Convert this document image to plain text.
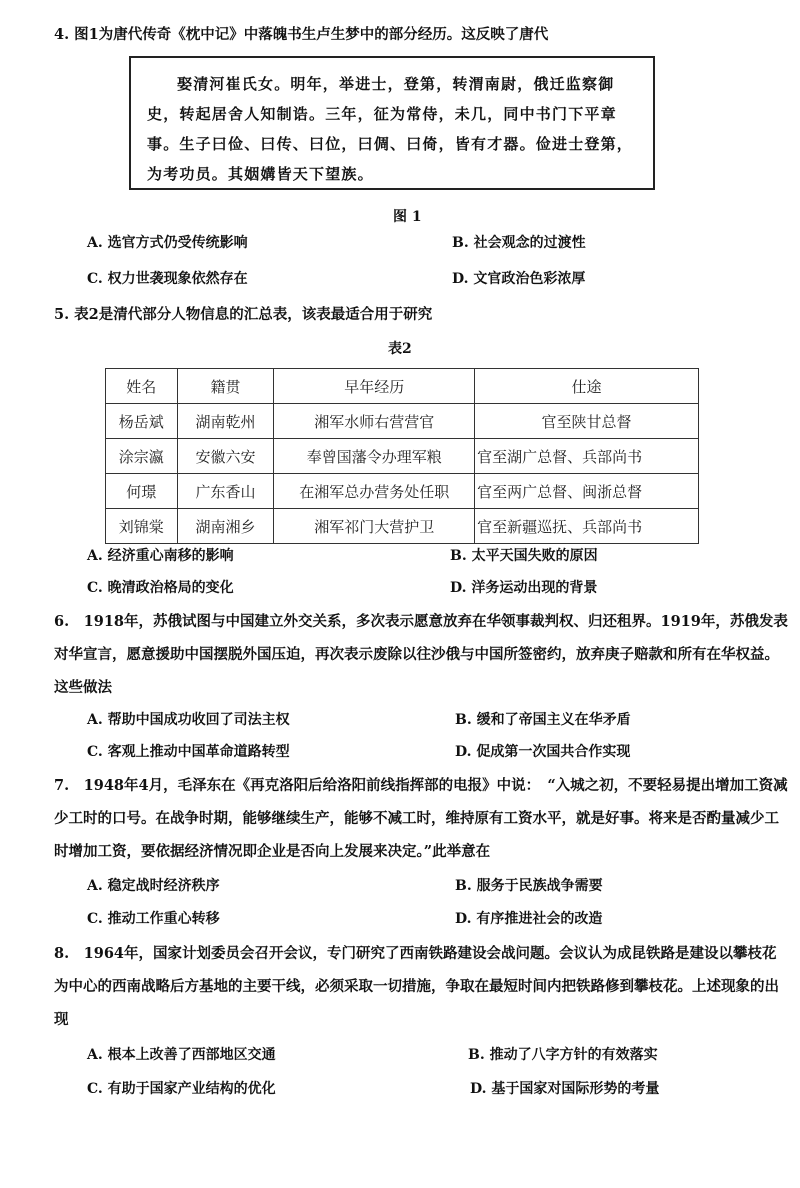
4. 图1为唐代传奇《枕中记》中落魄书生卢生梦中的部分经历。这反映了唐代

娶清河崔氏女。明年，举进士，登第，转渭南尉，俄迁监察御史，转起居舍人知制诰。三年，征为常侍，未几，同中书门下平章事。生子曰俭、曰传、曰位，曰倜、曰倚，皆有才器。俭进士登第，为考功员。其姻媾皆天下望族。

图 1

A. 选官方式仍受传统影响	B. 社会观念的过渡性

C. 权力世袭现象依然存在	D. 文官政治色彩浓厚

5. 表2是清代部分人物信息的汇总表，该表最适合用于研究

表2

姓名	籍贯	早年经历	仕途
杨岳斌	湖南乾州	湘军水师右营营官	官至陕甘总督
涂宗瀛	安徽六安	奉曾国藩令办理军粮	官至湖广总督、兵部尚书
何璟	广东香山	在湘军总办营务处任职	官至两广总督、闽浙总督
刘锦棠	湖南湘乡	湘军祁门大营护卫	官至新疆巡抚、兵部尚书

A. 经济重心南移的影响	B. 太平天国失败的原因

C. 晚清政治格局的变化	D. 洋务运动出现的背景

6.　1918年，苏俄试图与中国建立外交关系，多次表示愿意放弃在华领事裁判权、归还租界。1919年，苏俄发表对华宣言，愿意援助中国摆脱外国压迫，再次表示废除以往沙俄与中国所签密约，放弃庚子赔款和所有在华权益。这些做法

A. 帮助中国成功收回了司法主权	B. 缓和了帝国主义在华矛盾

C. 客观上推动中国革命道路转型	D. 促成第一次国共合作实现

7.　1948年4月，毛泽东在《再克洛阳后给洛阳前线指挥部的电报》中说：　“入城之初，不要轻易提出增加工资减少工时的口号。在战争时期，能够继续生产，能够不减工时，维持原有工资水平，就是好事。将来是否酌量减少工时增加工资，要依据经济情况即企业是否向上发展来决定。”此举意在

A. 稳定战时经济秩序	B. 服务于民族战争需要

C. 推动工作重心转移	D. 有序推进社会的改造

8.　1964年，国家计划委员会召开会议，专门研究了西南铁路建设会战问题。会议认为成昆铁路是建设以攀枝花为中心的西南战略后方基地的主要干线，必须采取一切措施，争取在最短时间内把铁路修到攀枝花。上述现象的出现

A. 根本上改善了西部地区交通	B. 推动了八字方针的有效落实

C. 有助于国家产业结构的优化	D. 基于国家对国际形势的考量
